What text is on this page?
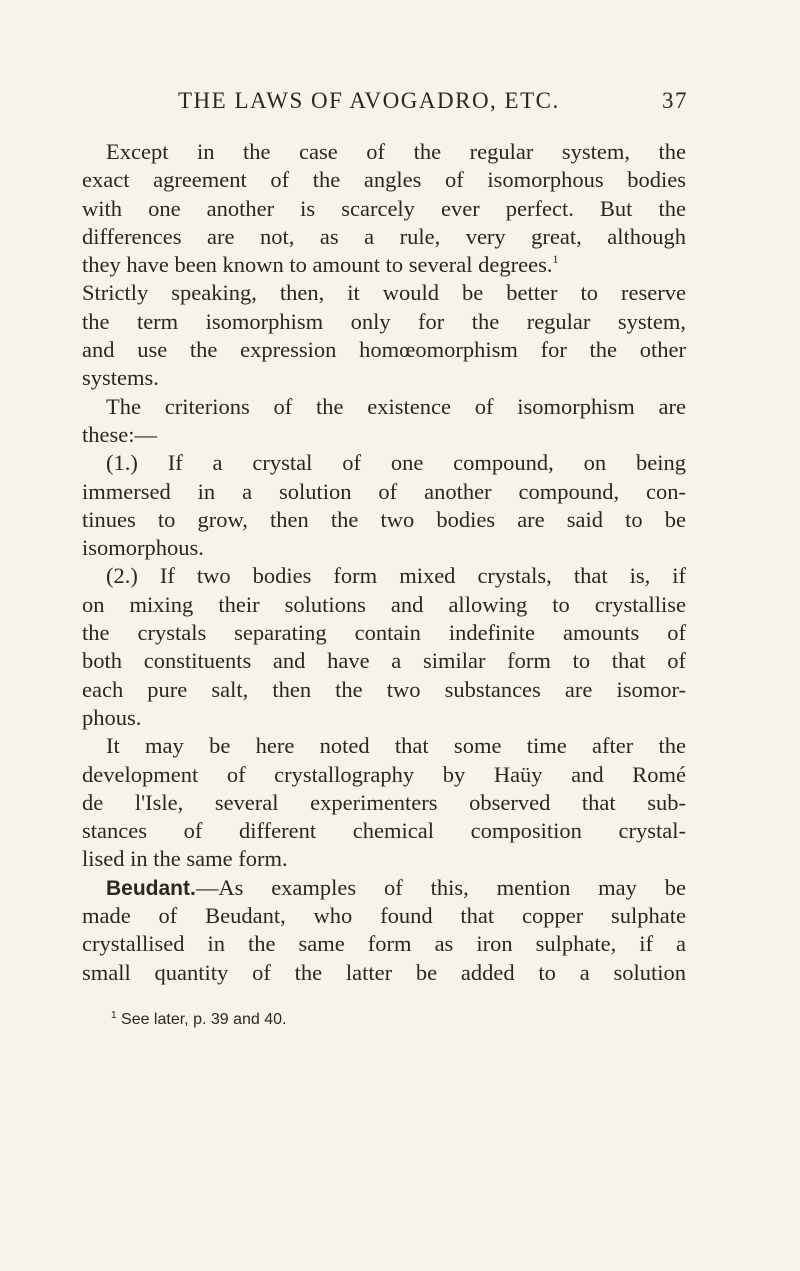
THE LAWS OF AVOGADRO, ETC.	37
Except in the case of the regular system, the
exact agreement of the angles of isomorphous bodies
with one another is scarcely ever perfect. But the
differences are not, as a rule, very great, although
they have been known to amount to several degrees.$^1$
Strictly speaking, then, it would be better to reserve
the term isomorphism only for the regular system,
and use the expression homœomorphism for the other
systems.
The criterions of the existence of isomorphism are
these:—
(1.) If a crystal of one compound, on being
immersed in a solution of another compound, con-
tinues to grow, then the two bodies are said to be
isomorphous.
(2.) If two bodies form mixed crystals, that is, if
on mixing their solutions and allowing to crystallise
the crystals separating contain indefinite amounts of
both constituents and have a similar form to that of
each pure salt, then the two substances are isomor-
phous.
It may be here noted that some time after the
development of crystallography by Haüy and Romé
de l'Isle, several experimenters observed that sub-
stances of different chemical composition crystal-
lised in the same form.
Beudant.—As examples of this, mention may be
made of Beudant, who found that copper sulphate
crystallised in the same form as iron sulphate, if a
small quantity of the latter be added to a solution
$^1$ See later, p. 39 and 40.
